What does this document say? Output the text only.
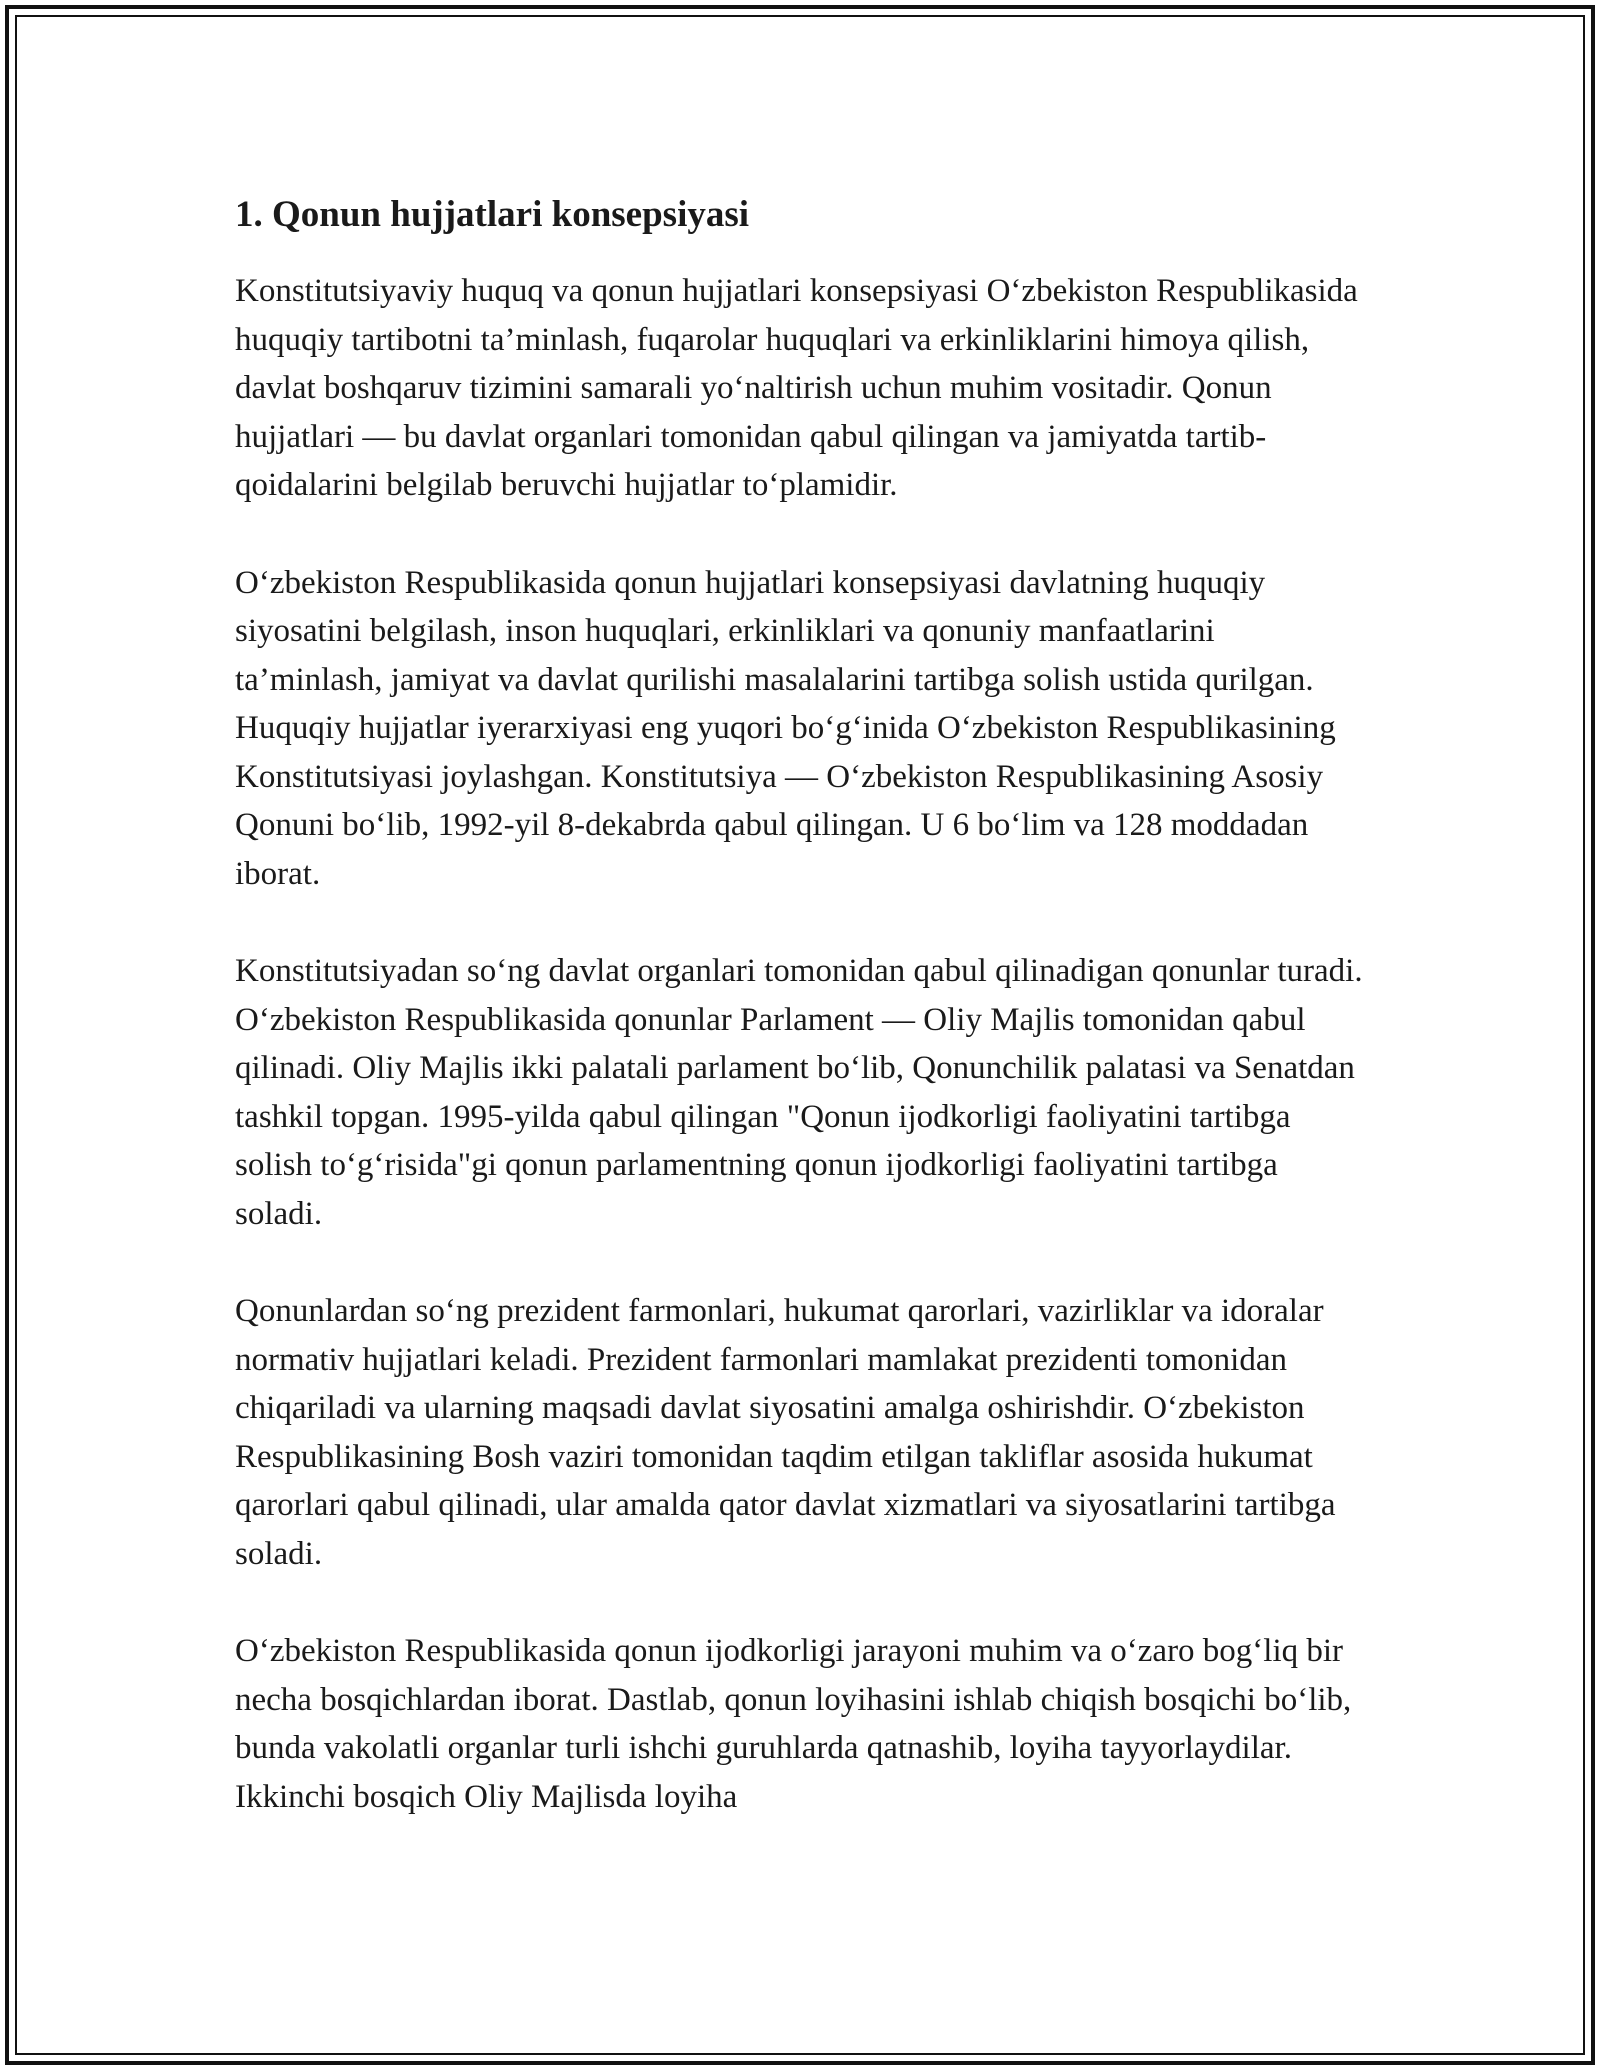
1. Qonun hujjatlari konsepsiyasi

Konstitutsiyaviy huquq va qonun hujjatlari konsepsiyasi O‘zbekiston Respublikasida huquqiy tartibotni ta’minlash, fuqarolar huquqlari va erkinliklarini himoya qilish, davlat boshqaruv tizimini samarali yo‘naltirish uchun muhim vositadir. Qonun hujjatlari — bu davlat organlari tomonidan qabul qilingan va jamiyatda tartib-qoidalarini belgilab beruvchi hujjatlar to‘plamidir.

O‘zbekiston Respublikasida qonun hujjatlari konsepsiyasi davlatning huquqiy siyosatini belgilash, inson huquqlari, erkinliklari va qonuniy manfaatlarini ta’minlash, jamiyat va davlat qurilishi masalalarini tartibga solish ustida qurilgan. Huquqiy hujjatlar iyerarxiyasi eng yuqori bo‘g‘inida O‘zbekiston Respublikasining Konstitutsiyasi joylashgan. Konstitutsiya — O‘zbekiston Respublikasining Asosiy Qonuni bo‘lib, 1992-yil 8-dekabrda qabul qilingan. U 6 bo‘lim va 128 moddadan iborat.

Konstitutsiyadan so‘ng davlat organlari tomonidan qabul qilinadigan qonunlar turadi. O‘zbekiston Respublikasida qonunlar Parlament — Oliy Majlis tomonidan qabul qilinadi. Oliy Majlis ikki palatali parlament bo‘lib, Qonunchilik palatasi va Senatdan tashkil topgan. 1995-yilda qabul qilingan "Qonun ijodkorligi faoliyatini tartibga solish to‘g‘risida"gi qonun parlamentning qonun ijodkorligi faoliyatini tartibga soladi.

Qonunlardan so‘ng prezident farmonlari, hukumat qarorlari, vazirliklar va idoralar normativ hujjatlari keladi. Prezident farmonlari mamlakat prezidenti tomonidan chiqariladi va ularning maqsadi davlat siyosatini amalga oshirishdir. O‘zbekiston Respublikasining Bosh vaziri tomonidan taqdim etilgan takliflar asosida hukumat qarorlari qabul qilinadi, ular amalda qator davlat xizmatlari va siyosatlarini tartibga soladi.

O‘zbekiston Respublikasida qonun ijodkorligi jarayoni muhim va o‘zaro bog‘liq bir necha bosqichlardan iborat. Dastlab, qonun loyihasini ishlab chiqish bosqichi bo‘lib, bunda vakolatli organlar turli ishchi guruhlarda qatnashib, loyiha tayyorlaydilar. Ikkinchi bosqich Oliy Majlisda loyiha
